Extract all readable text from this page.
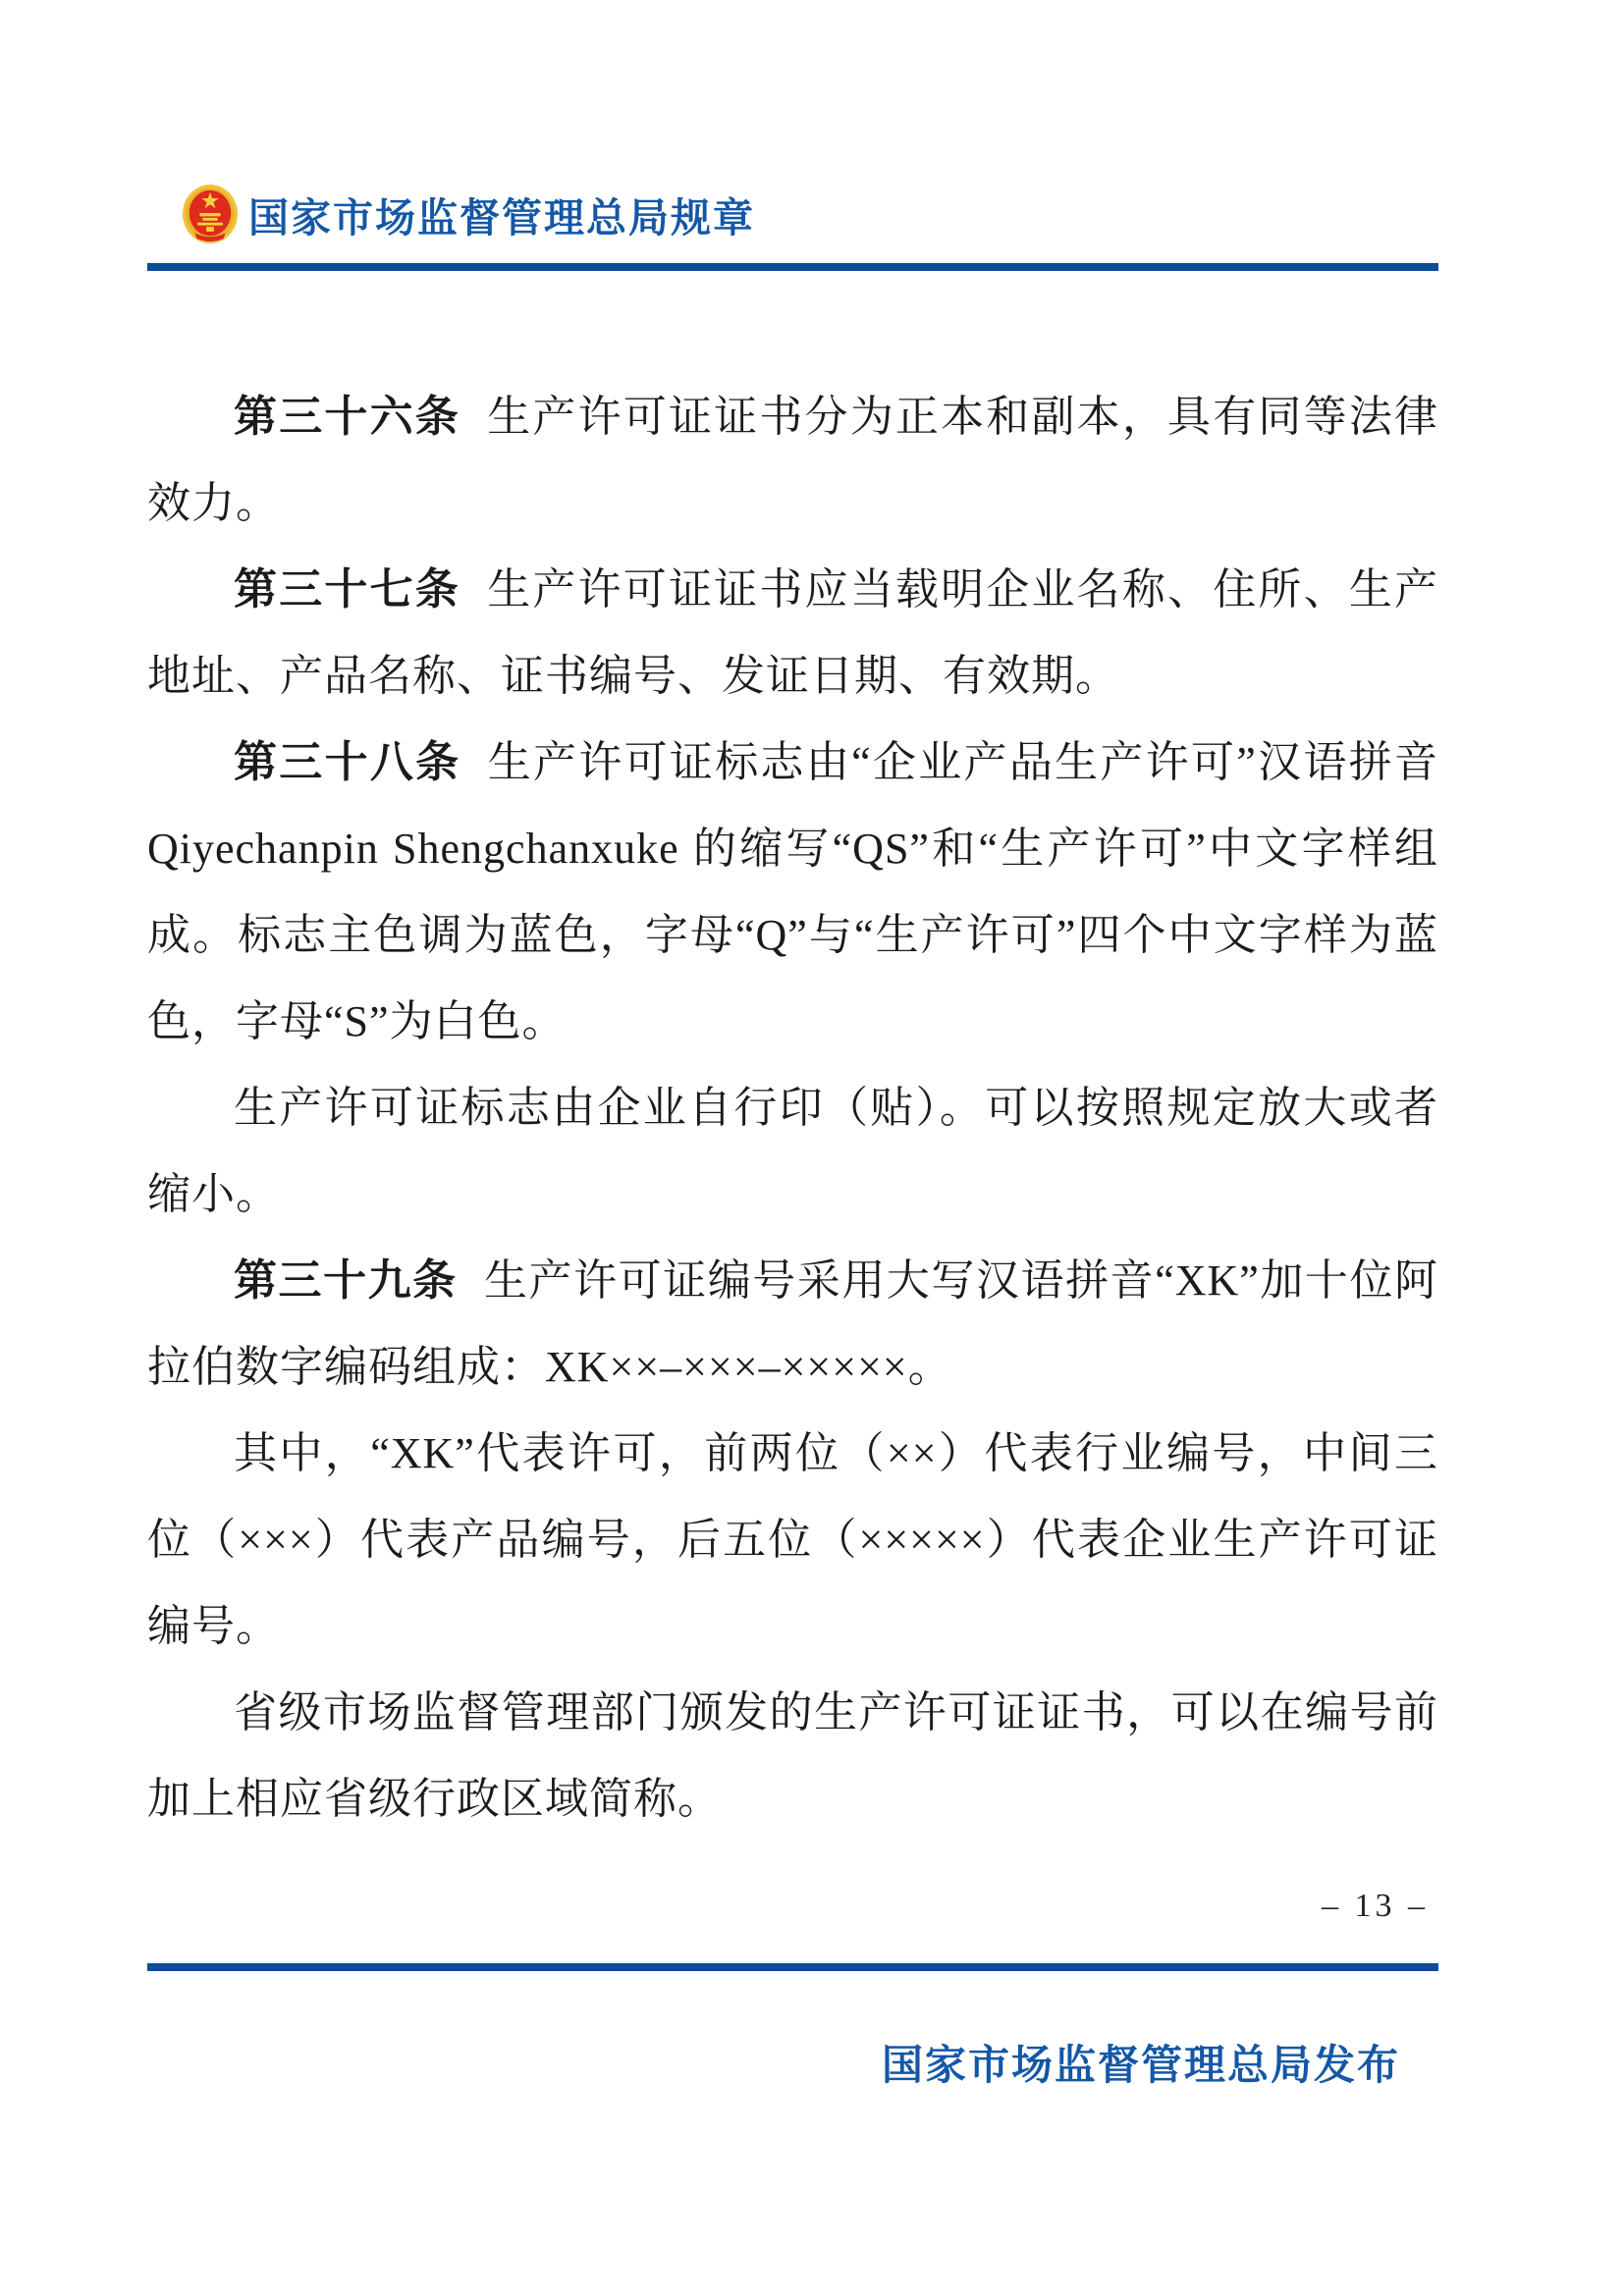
国家市场监督管理总局规章

第三十六条 生产许可证证书分为正本和副本，具有同等法律效力。

第三十七条 生产许可证证书应当载明企业名称、住所、生产地址、产品名称、证书编号、发证日期、有效期。

第三十八条 生产许可证标志由“企业产品生产许可”汉语拼音 Qiyechanpin Shengchanxuke 的缩写“QS”和“生产许可”中文字样组成。标志主色调为蓝色，字母“Q”与“生产许可”四个中文字样为蓝色，字母“S”为白色。

生产许可证标志由企业自行印（贴）。可以按照规定放大或者缩小。

第三十九条 生产许可证编号采用大写汉语拼音“XK”加十位阿拉伯数字编码组成：XK××–×××–×××××。

其中，“XK”代表许可，前两位（××）代表行业编号，中间三位（×××）代表产品编号，后五位（×××××）代表企业生产许可证编号。

省级市场监督管理部门颁发的生产许可证证书，可以在编号前加上相应省级行政区域简称。

– 13 –
国家市场监督管理总局发布
